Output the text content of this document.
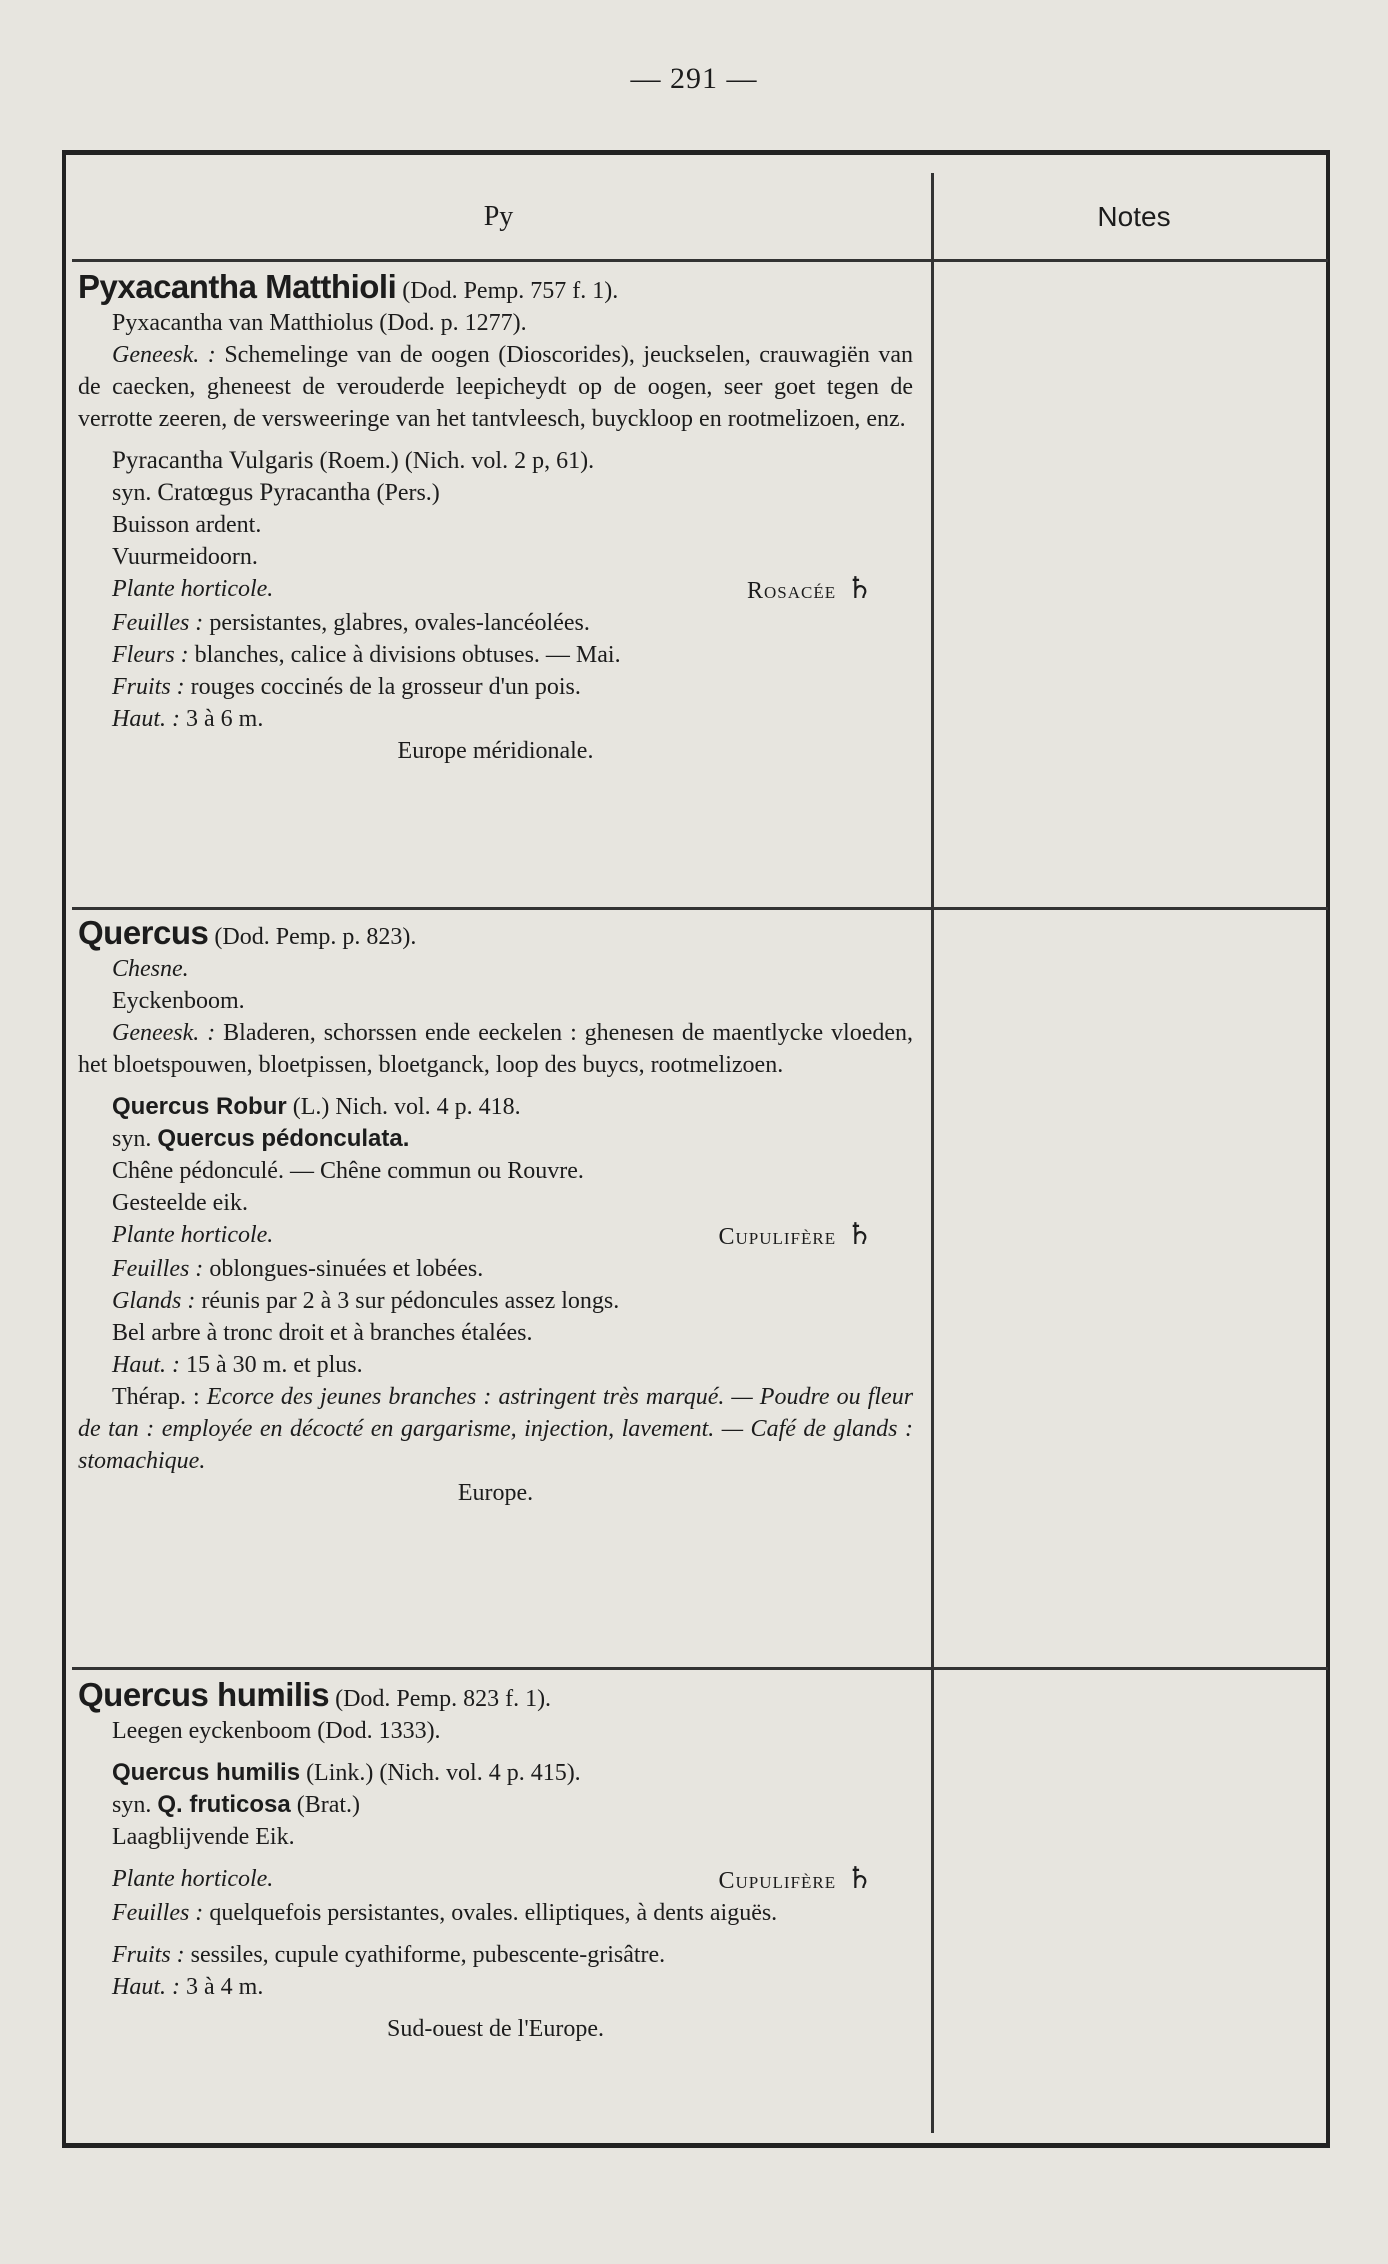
— 291 —
Py	Notes

Pyxacantha Matthioli (Dod. Pemp. 757 f. 1).

Pyxacantha van Matthiolus (Dod. p. 1277).

Geneesk. : Schemelinge van de oogen (Dioscorides), jeuckselen, crauwagiën van de caecken, gheneest de verouderde leepicheydt op de oogen, seer goet tegen de verrotte zeeren, de versweeringe van het tantvleesch, buyckloop en rootmelizoen, enz.

Pyracantha Vulgaris (Roem.) (Nich. vol. 2 p, 61).

syn. Cratœgus Pyracantha (Pers.)

Buisson ardent.

Vuurmeidoorn.

Plante horticole.	Rosacée ♄

Feuilles : persistantes, glabres, ovales-lancéolées.

Fleurs : blanches, calice à divisions obtuses. — Mai.

Fruits : rouges coccinés de la grosseur d'un pois.

Haut. : 3 à 6 m.

Europe méridionale.

Quercus (Dod. Pemp. p. 823).

Chesne.

Eyckenboom.

Geneesk. : Bladeren, schorssen ende eeckelen : ghenesen de maentlycke vloeden, het bloetspouwen, bloetpissen, bloetganck, loop des buycs, rootmelizoen.

Quercus Robur (L.) Nich. vol. 4 p. 418.

syn. Quercus pédonculata.

Chêne pédonculé. — Chêne commun ou Rouvre.

Gesteelde eik.

Plante horticole.	Cupulifère ♄

Feuilles : oblongues-sinuées et lobées.

Glands : réunis par 2 à 3 sur pédoncules assez longs.

Bel arbre à tronc droit et à branches étalées.

Haut. : 15 à 30 m. et plus.

Thérap. : Ecorce des jeunes branches : astringent très marqué. — Poudre ou fleur de tan : employée en décocté en gargarisme, injection, lavement. — Café de glands : stomachique.

Europe.

Quercus humilis (Dod. Pemp. 823 f. 1).

Leegen eyckenboom (Dod. 1333).

Quercus humilis (Link.) (Nich. vol. 4 p. 415).

syn. Q. fruticosa (Brat.)

Laagblijvende Eik.

Plante horticole.	Cupulifère ♄

Feuilles : quelquefois persistantes, ovales. elliptiques, à dents aiguës.

Fruits : sessiles, cupule cyathiforme, pubescente-grisâtre.

Haut. : 3 à 4 m.

Sud-ouest de l'Europe.
